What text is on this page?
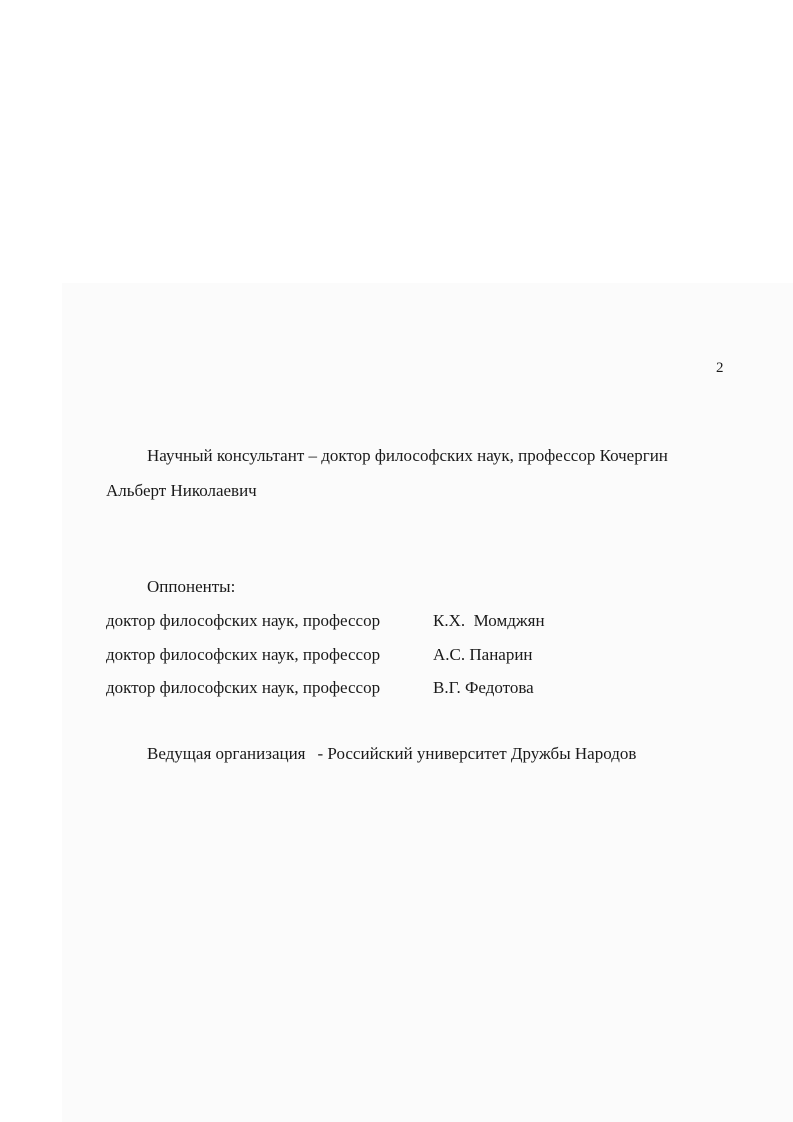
2
Научный консультант – доктор философских наук, профессор Кочергин
Альберт Николаевич
Оппоненты:
доктор философских наук, профессор	К.Х.  Момджян
доктор философских наук, профессор	А.С. Панарин
доктор философских наук, профессор	В.Г. Федотова
Ведущая организация - Российский университет Дружбы Народов
